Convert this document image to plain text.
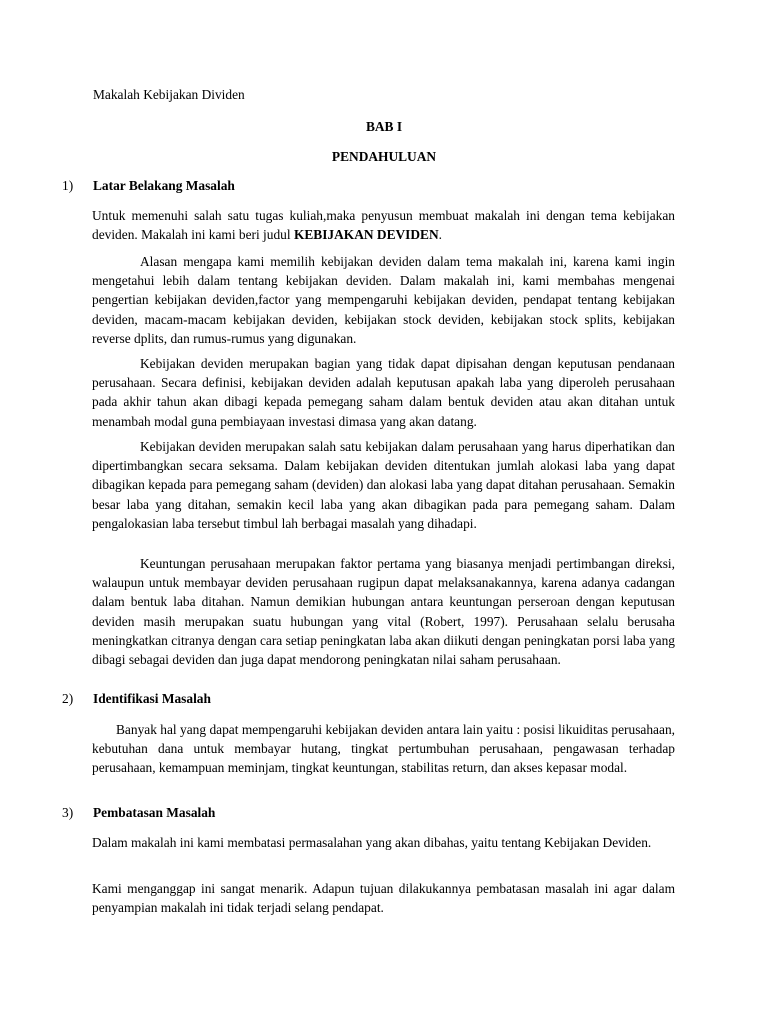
Makalah Kebijakan Dividen
BAB I
PENDAHULUAN
1) Latar Belakang Masalah

Untuk memenuhi salah satu tugas kuliah,maka penyusun membuat makalah ini dengan tema kebijakan deviden. Makalah ini kami beri judul KEBIJAKAN DEVIDEN.

Alasan mengapa kami memilih kebijakan deviden dalam tema makalah ini, karena kami ingin mengetahui lebih dalam tentang kebijakan deviden. Dalam makalah ini, kami membahas mengenai pengertian kebijakan deviden,factor yang mempengaruhi kebijakan deviden, pendapat tentang kebijakan deviden, macam-macam kebijakan deviden, kebijakan stock deviden, kebijakan stock splits, kebijakan reverse dplits, dan rumus-rumus yang digunakan.

Kebijakan deviden merupakan bagian yang tidak dapat dipisahan dengan keputusan pendanaan perusahaan. Secara definisi, kebijakan deviden adalah keputusan apakah laba yang diperoleh perusahaan pada akhir tahun akan dibagi kepada pemegang saham dalam bentuk deviden atau akan ditahan untuk menambah modal guna pembiayaan investasi dimasa yang akan datang.

Kebijakan deviden merupakan salah satu kebijakan dalam perusahaan yang harus diperhatikan dan dipertimbangkan secara seksama. Dalam kebijakan deviden ditentukan jumlah alokasi laba yang dapat dibagikan kepada para pemegang saham (deviden) dan alokasi laba yang dapat ditahan perusahaan. Semakin besar laba yang ditahan, semakin kecil laba yang akan dibagikan pada para pemegang saham. Dalam pengalokasian laba tersebut timbul lah berbagai masalah yang dihadapi.

Keuntungan perusahaan merupakan faktor pertama yang biasanya menjadi pertimbangan direksi, walaupun untuk membayar deviden perusahaan rugipun dapat melaksanakannya, karena adanya cadangan dalam bentuk laba ditahan. Namun demikian hubungan antara keuntungan perseroan dengan keputusan deviden masih merupakan suatu hubungan yang vital (Robert, 1997). Perusahaan selalu berusaha meningkatkan citranya dengan cara setiap peningkatan laba akan diikuti dengan peningkatan porsi laba yang dibagi sebagai deviden dan juga dapat mendorong peningkatan nilai saham perusahaan.

2) Identifikasi Masalah

Banyak hal yang dapat mempengaruhi kebijakan deviden antara lain yaitu : posisi likuiditas perusahaan, kebutuhan dana untuk membayar hutang, tingkat pertumbuhan perusahaan, pengawasan terhadap perusahaan, kemampuan meminjam, tingkat keuntungan, stabilitas return, dan akses kepasar modal.

3) Pembatasan Masalah

Dalam makalah ini kami membatasi permasalahan yang akan dibahas, yaitu tentang Kebijakan Deviden.

Kami menganggap ini sangat menarik. Adapun tujuan dilakukannya pembatasan masalah ini agar dalam penyampian makalah ini tidak terjadi selang pendapat.
